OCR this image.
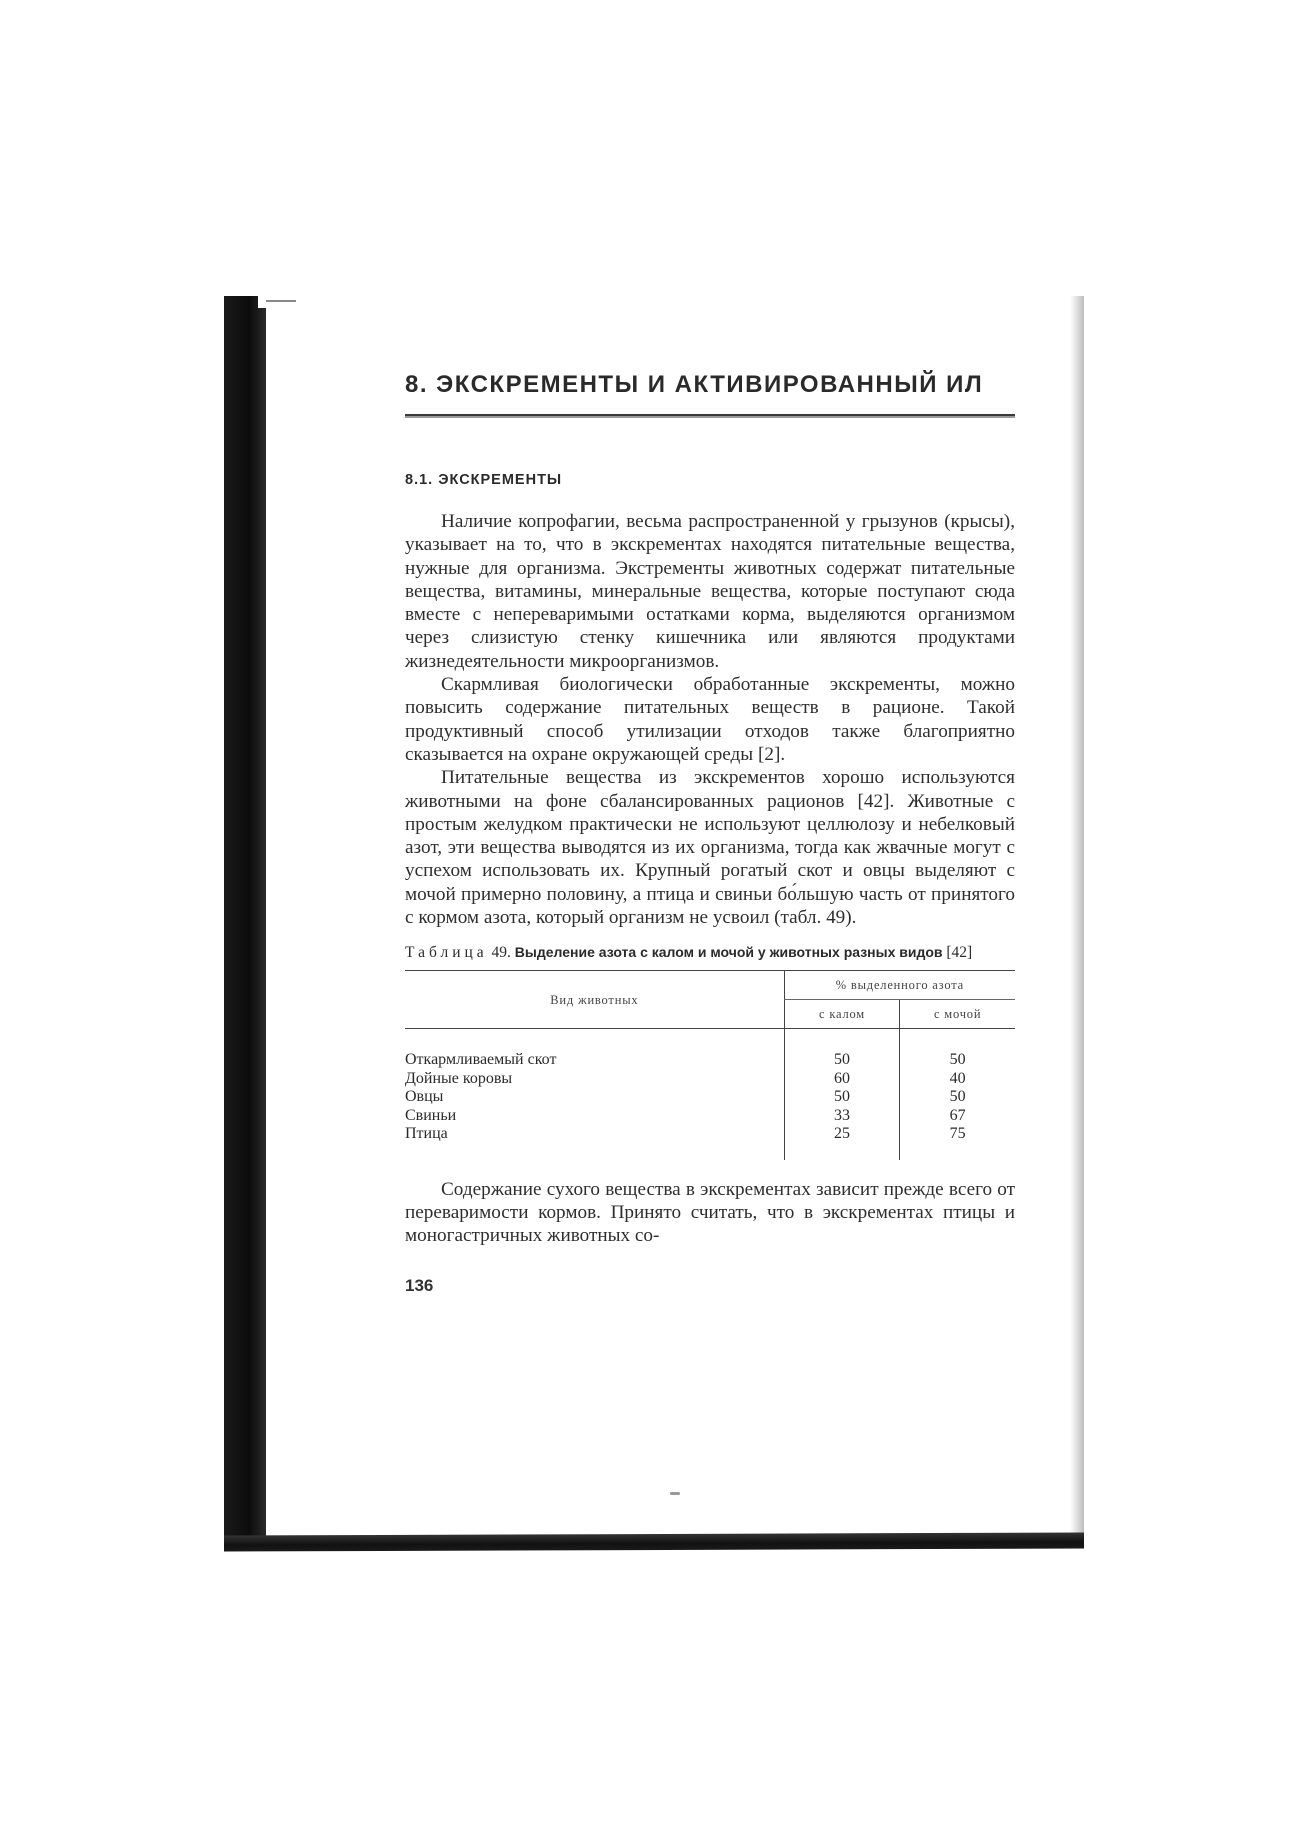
8. ЭКСКРЕМЕНТЫ И АКТИВИРОВАННЫЙ ИЛ
8.1. ЭКСКРЕМЕНТЫ

Наличие копрофагии, весьма распространенной у грызунов (крысы), указывает на то, что в экскрементах находятся питательные вещества, нужные для организма. Экстременты животных содержат питательные вещества, витамины, минеральные вещества, которые поступают сюда вместе с непереваримыми остатками корма, выделяются организмом через слизистую стенку кишечника или являются продуктами жизнедеятельности микроорганизмов.

Скармливая биологически обработанные экскременты, можно повысить содержание питательных веществ в рационе. Такой продуктивный способ утилизации отходов также благоприятно сказывается на охране окружающей среды [2].

Питательные вещества из экскрементов хорошо используются животными на фоне сбалансированных рационов [42]. Животные с простым желудком практически не используют целлюлозу и небелковый азот, эти вещества выводятся из их организма, тогда как жвачные могут с успехом использовать их. Крупный рогатый скот и овцы выделяют с мочой примерно половину, а птица и свиньи бо́льшую часть от принятого с кормом азота, который организм не усвоил (табл. 49).

Таблица 49. Выделение азота с калом и мочой у животных разных видов [42]
Вид животных	% выделенного азота	
	с калом	с мочой

Откармливаемый скот	50	50
Дойные коровы	60	40
Овцы	50	50
Свиньи	33	67
Птица	25	75

Содержание сухого вещества в экскрементах зависит прежде всего от переваримости кормов. Принято считать, что в экскрементах птицы и моногастричных животных со-

136
